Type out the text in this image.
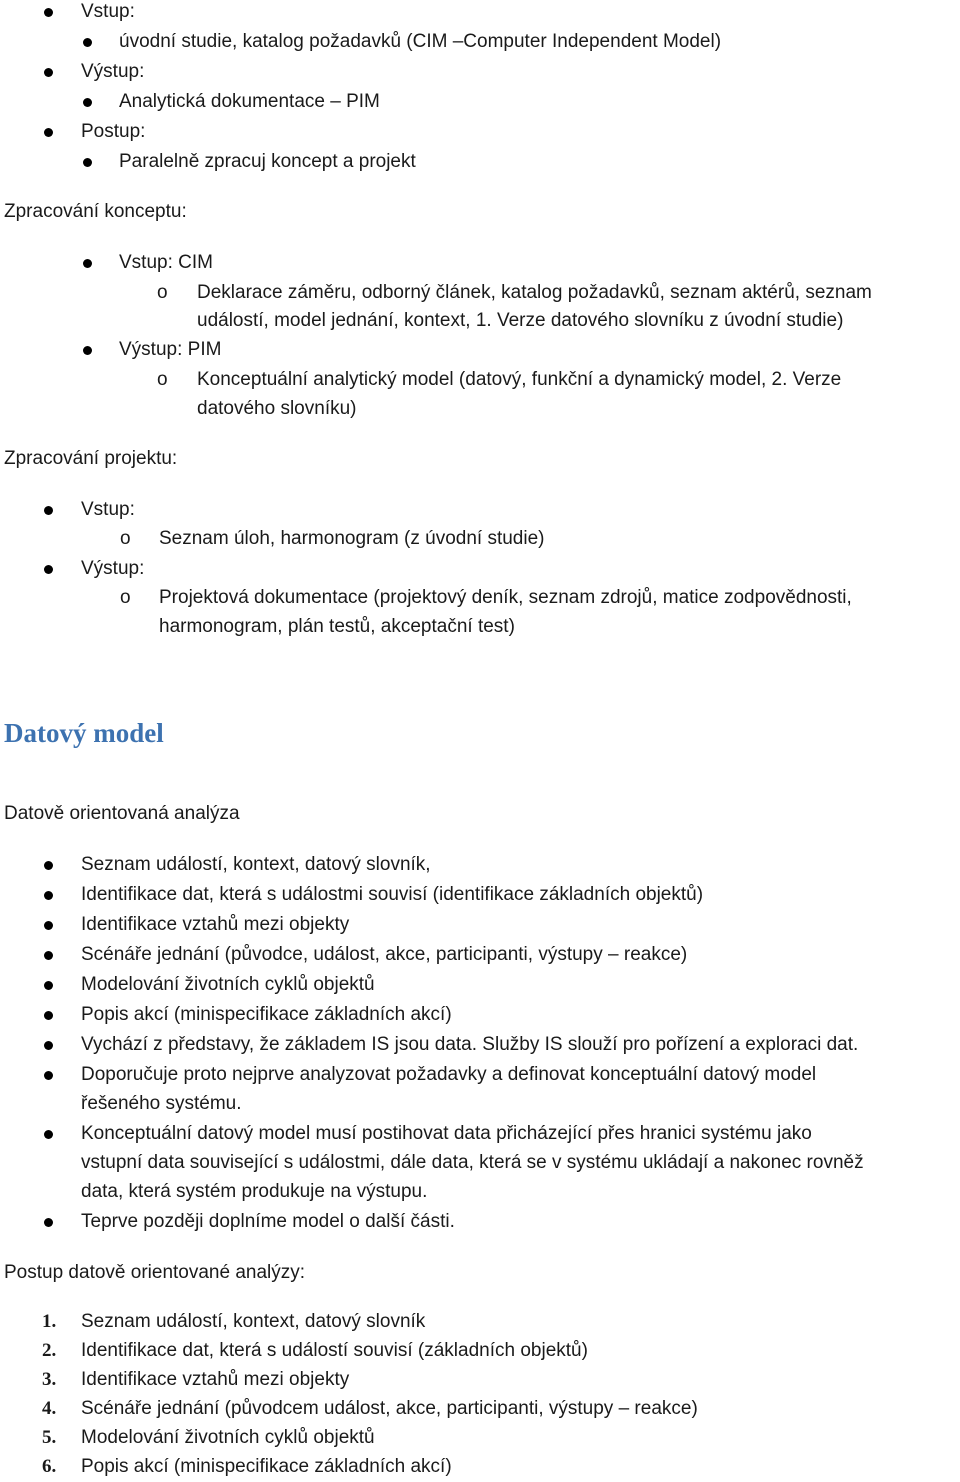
Vstup:
úvodní studie, katalog požadavků (CIM –Computer Independent Model)
Výstup:
Analytická dokumentace – PIM
Postup:
Paralelně zpracuj koncept a projekt
Zpracování konceptu:
Vstup: CIM
o Deklarace záměru, odborný článek, katalog požadavků, seznam aktérů, seznam
událostí, model jednání, kontext, 1. Verze datového slovníku z úvodní studie)
Výstup: PIM
o Konceptuální analytický model (datový, funkční a dynamický model, 2. Verze
datového slovníku)
Zpracování projektu:
Vstup:
o Seznam úloh, harmonogram (z úvodní studie)
Výstup:
o Projektová dokumentace (projektový deník, seznam zdrojů, matice zodpovědnosti,
harmonogram, plán testů, akceptační test)
Datový model
Datově orientovaná analýza
Seznam událostí, kontext, datový slovník,
Identifikace dat, která s událostmi souvisí (identifikace základních objektů)
Identifikace vztahů mezi objekty
Scénáře jednání (původce, událost, akce, participanti, výstupy – reakce)
Modelování životních cyklů objektů
Popis akcí (minispecifikace základních akcí)
Vychází z představy, že základem IS jsou data. Služby IS slouží pro pořízení a exploraci dat.
Doporučuje proto nejprve analyzovat požadavky a definovat konceptuální datový model
řešeného systému.
Konceptuální datový model musí postihovat data přicházející přes hranici systému jako
vstupní data související s událostmi, dále data, která se v systému ukládají a nakonec rovněž
data, která systém produkuje na výstupu.
Teprve později doplníme model o další části.
Postup datově orientované analýzy:
1. Seznam událostí, kontext, datový slovník
2. Identifikace dat, která s událostí souvisí (základních objektů)
3. Identifikace vztahů mezi objekty
4. Scénáře jednání (původcem událost, akce, participanti, výstupy – reakce)
5. Modelování životních cyklů objektů
6. Popis akcí (minispecifikace základních akcí)
